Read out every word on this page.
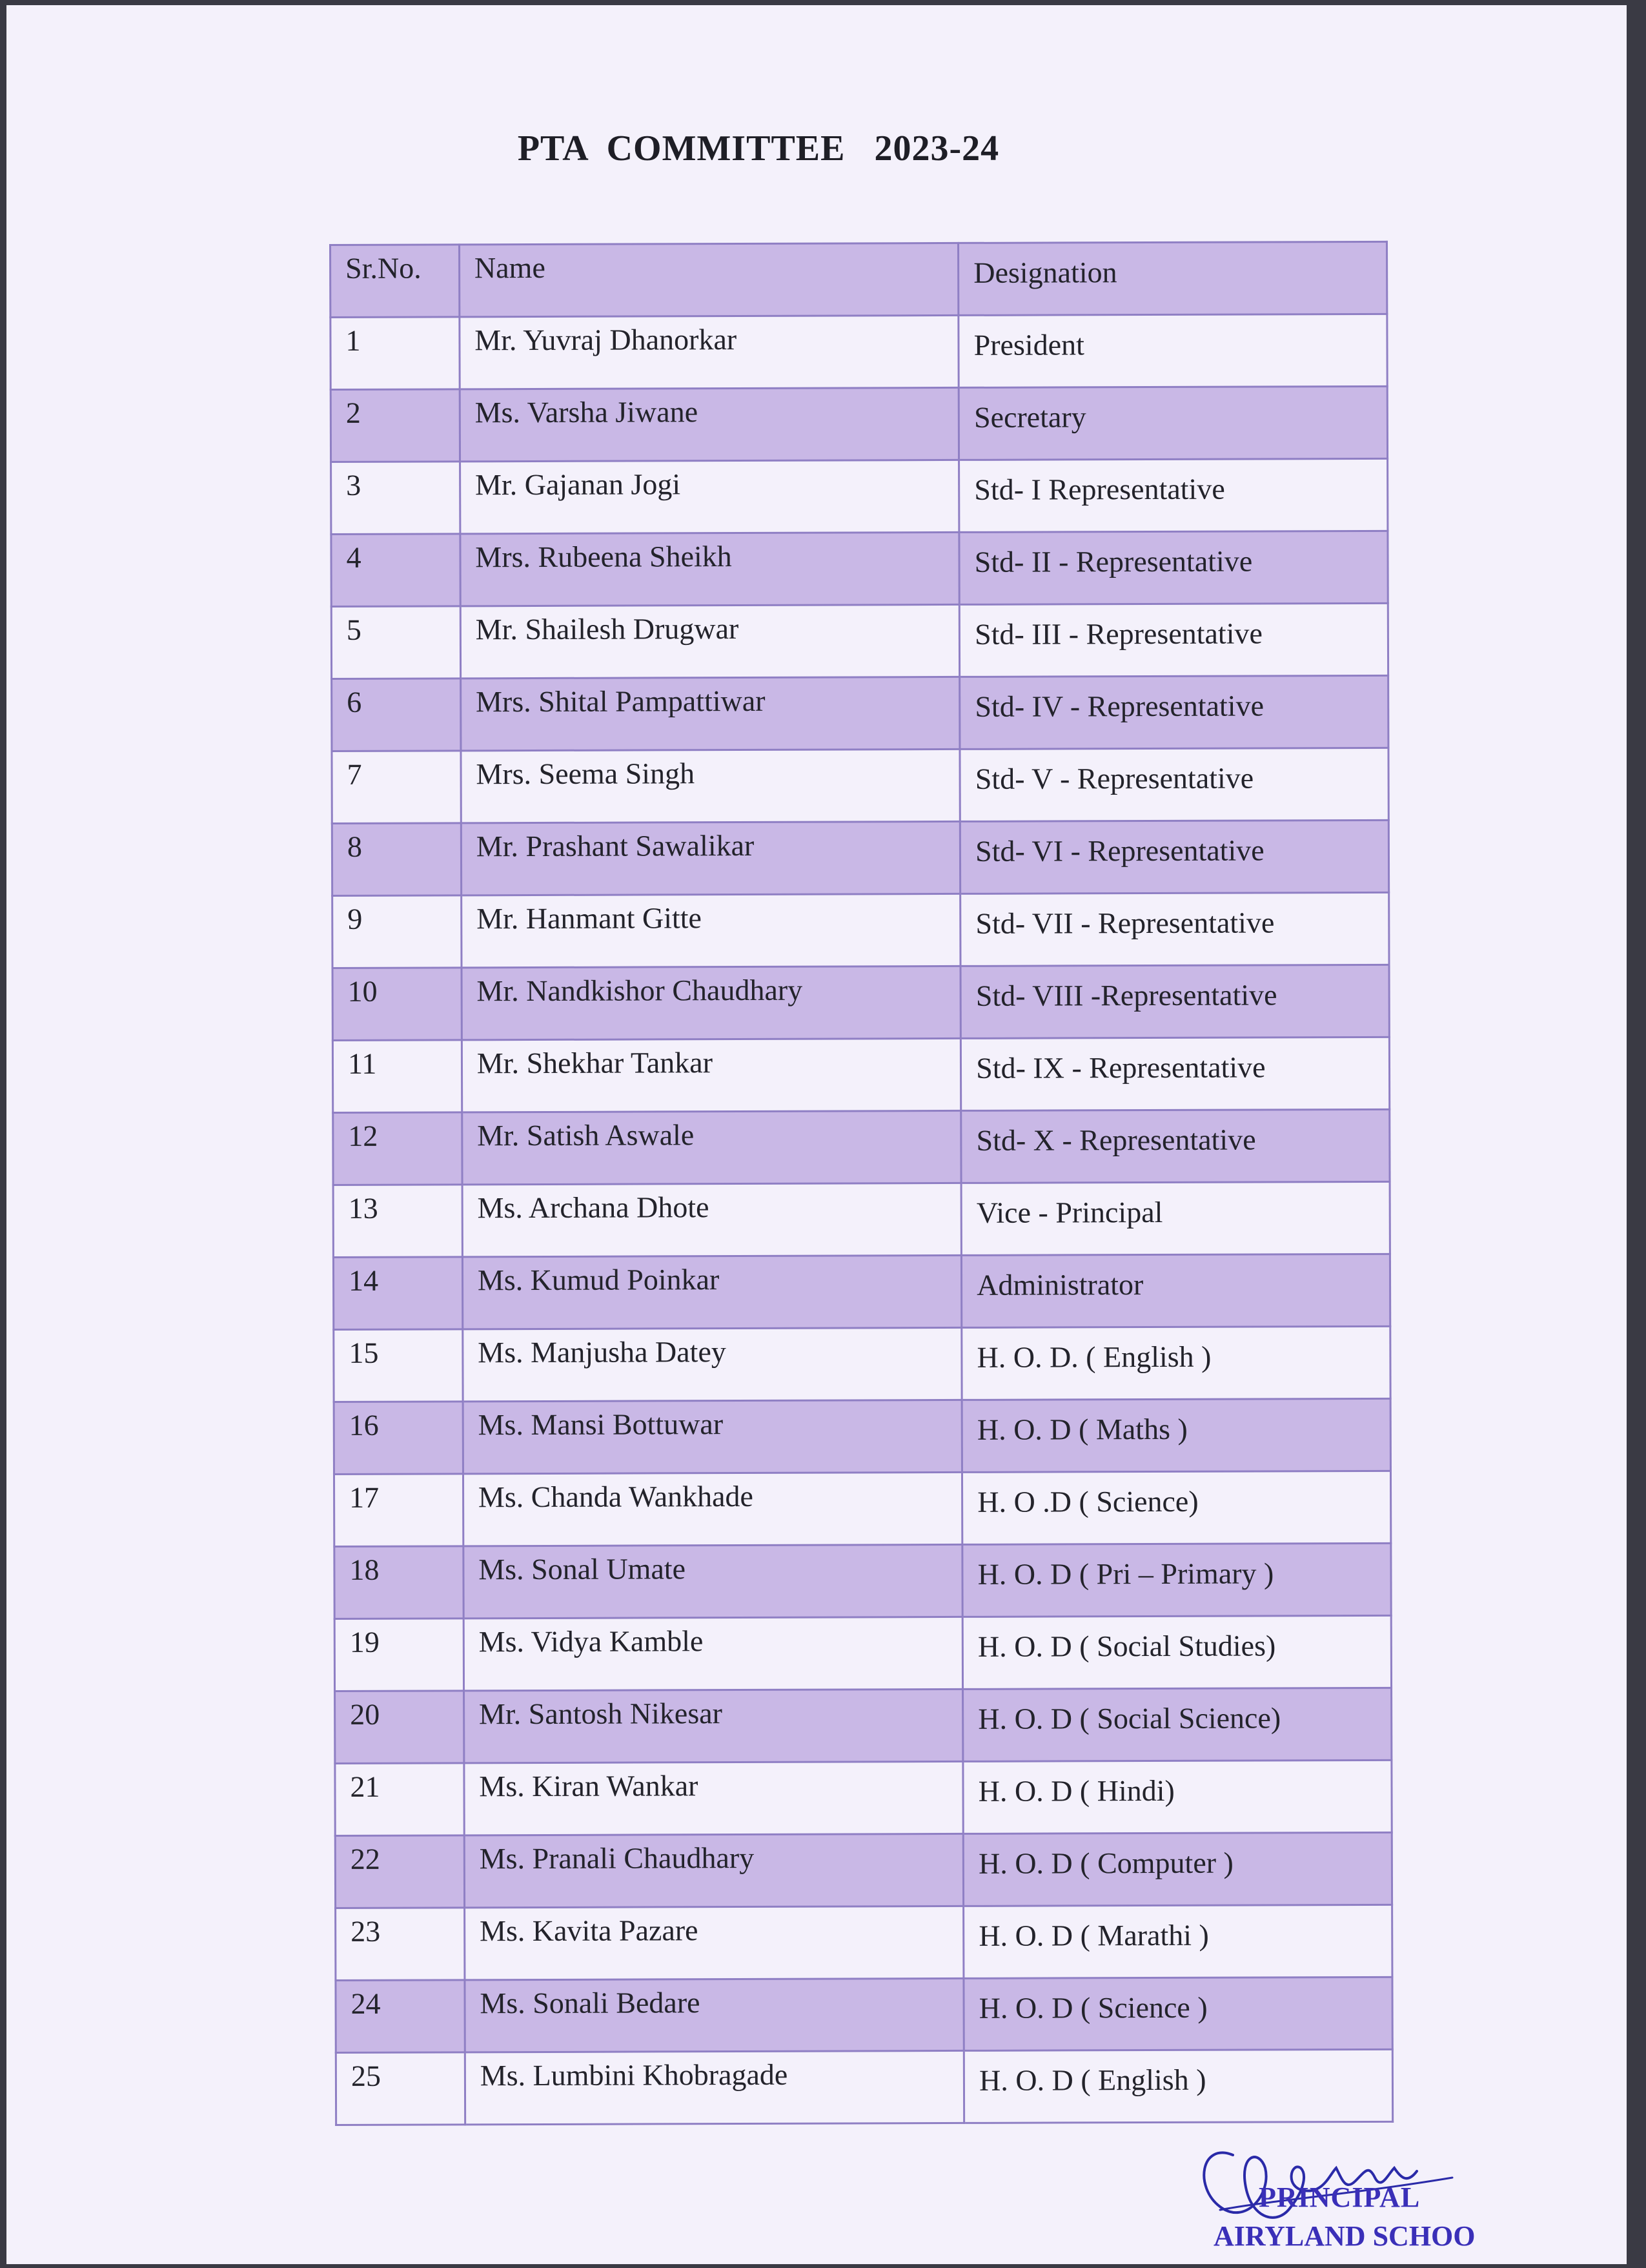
PTA  COMMITTEE   2023-24
Sr.No.	Name	Designation
1	Mr. Yuvraj Dhanorkar	President
2	Ms. Varsha Jiwane	Secretary
3	Mr. Gajanan Jogi	Std- I Representative
4	Mrs. Rubeena Sheikh	Std- II - Representative
5	Mr. Shailesh Drugwar	Std- III - Representative
6	Mrs. Shital Pampattiwar	Std- IV - Representative
7	Mrs. Seema Singh	Std- V - Representative
8	Mr. Prashant Sawalikar	Std- VI - Representative
9	Mr. Hanmant Gitte	Std- VII - Representative
10	Mr. Nandkishor Chaudhary	Std- VIII -Representative
11	Mr. Shekhar Tankar	Std- IX - Representative
12	Mr. Satish Aswale	Std- X - Representative
13	Ms. Archana Dhote	Vice - Principal
14	Ms. Kumud Poinkar	Administrator
15	Ms. Manjusha Datey	H. O. D. ( English )
16	Ms. Mansi Bottuwar	H. O. D ( Maths )
17	Ms. Chanda Wankhade	H. O .D ( Science)
18	Ms. Sonal Umate	H. O. D ( Pri – Primary )
19	Ms. Vidya Kamble	H. O. D ( Social Studies)
20	Mr. Santosh Nikesar	H. O. D ( Social Science)
21	Ms. Kiran Wankar	H. O. D ( Hindi)
22	Ms. Pranali Chaudhary	H. O. D ( Computer )
23	Ms. Kavita Pazare	H. O. D ( Marathi )
24	Ms. Sonali Bedare	H. O. D ( Science )
25	Ms. Lumbini Khobragade	H. O. D ( English )
PRINCIPAL
AIRYLAND SCHOO
